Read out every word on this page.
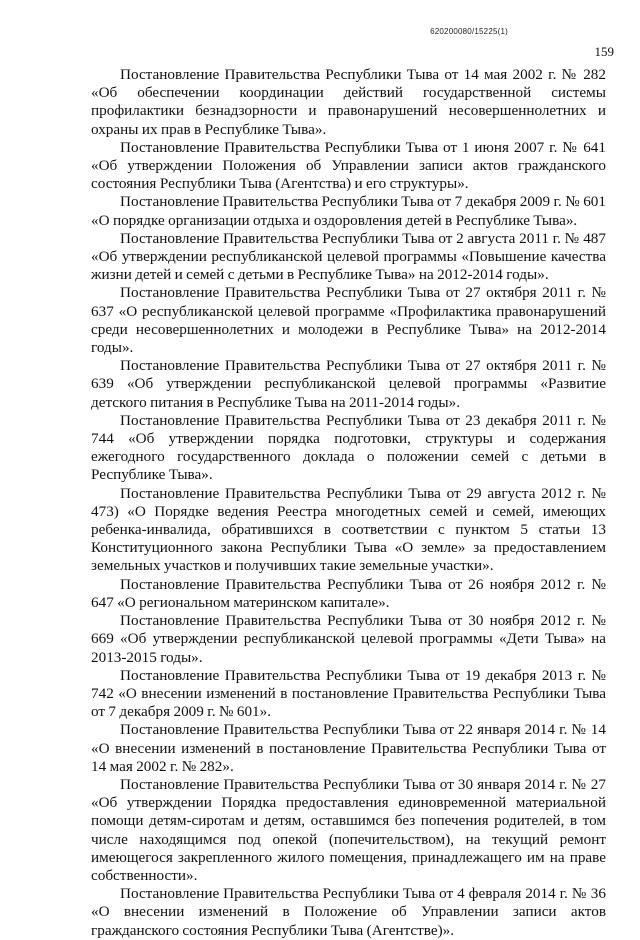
620200080/15225(1)
159

Постановление Правительства Республики Тыва от 14 мая 2002 г. № 282 «Об обеспечении координации действий государственной системы профилактики безнадзорности и правонарушений несовершеннолетних и охраны их прав в Республике Тыва».

Постановление Правительства Республики Тыва от 1 июня 2007 г. № 641 «Об утверждении Положения об Управлении записи актов гражданского состояния Республики Тыва (Агентства) и его структуры».

Постановление Правительства Республики Тыва от 7 декабря 2009 г. № 601 «О порядке организации отдыха и оздоровления детей в Республике Тыва».

Постановление Правительства Республики Тыва от 2 августа 2011 г. № 487 «Об утверждении республиканской целевой программы «Повышение качества жизни детей и семей с детьми в Республике Тыва» на 2012-2014 годы».

Постановление Правительства Республики Тыва от 27 октября 2011 г. № 637 «О республиканской целевой программе «Профилактика правонарушений среди несовершеннолетних и молодежи в Республике Тыва» на 2012-2014 годы».

Постановление Правительства Республики Тыва от 27 октября 2011 г. № 639 «Об утверждении республиканской целевой программы «Развитие детского питания в Республике Тыва на 2011-2014 годы».

Постановление Правительства Республики Тыва от 23 декабря 2011 г. № 744 «Об утверждении порядка подготовки, структуры и содержания ежегодного государственного доклада о положении семей с детьми в Республике Тыва».

Постановление Правительства Республики Тыва от 29 августа 2012 г. № 473) «О Порядке ведения Реестра многодетных семей и семей, имеющих ребенка-инвалида, обратившихся в соответствии с пунктом 5 статьи 13 Конституционного закона Республики Тыва «О земле» за предоставлением земельных участков и получивших такие земельные участки».

Постановление Правительства Республики Тыва от 26 ноября 2012 г. № 647 «О региональном материнском капитале».

Постановление Правительства Республики Тыва от 30 ноября 2012 г. № 669 «Об утверждении республиканской целевой программы «Дети Тыва» на 2013-2015 годы».

Постановление Правительства Республики Тыва от 19 декабря 2013 г. № 742 «О внесении изменений в постановление Правительства Республики Тыва от 7 декабря 2009 г. № 601».

Постановление Правительства Республики Тыва от 22 января 2014 г. № 14 «О внесении изменений в постановление Правительства Республики Тыва от 14 мая 2002 г. № 282».

Постановление Правительства Республики Тыва от 30 января 2014 г. № 27 «Об утверждении Порядка предоставления единовременной материальной помощи детям-сиротам и детям, оставшимся без попечения родителей, в том числе находящимся под опекой (попечительством), на текущий ремонт имеющегося закрепленного жилого помещения, принадлежащего им на праве собственности».

Постановление Правительства Республики Тыва от 4 февраля 2014 г. № 36 «О внесении изменений в Положение об Управлении записи актов гражданского состояния Республики Тыва (Агентстве)».
